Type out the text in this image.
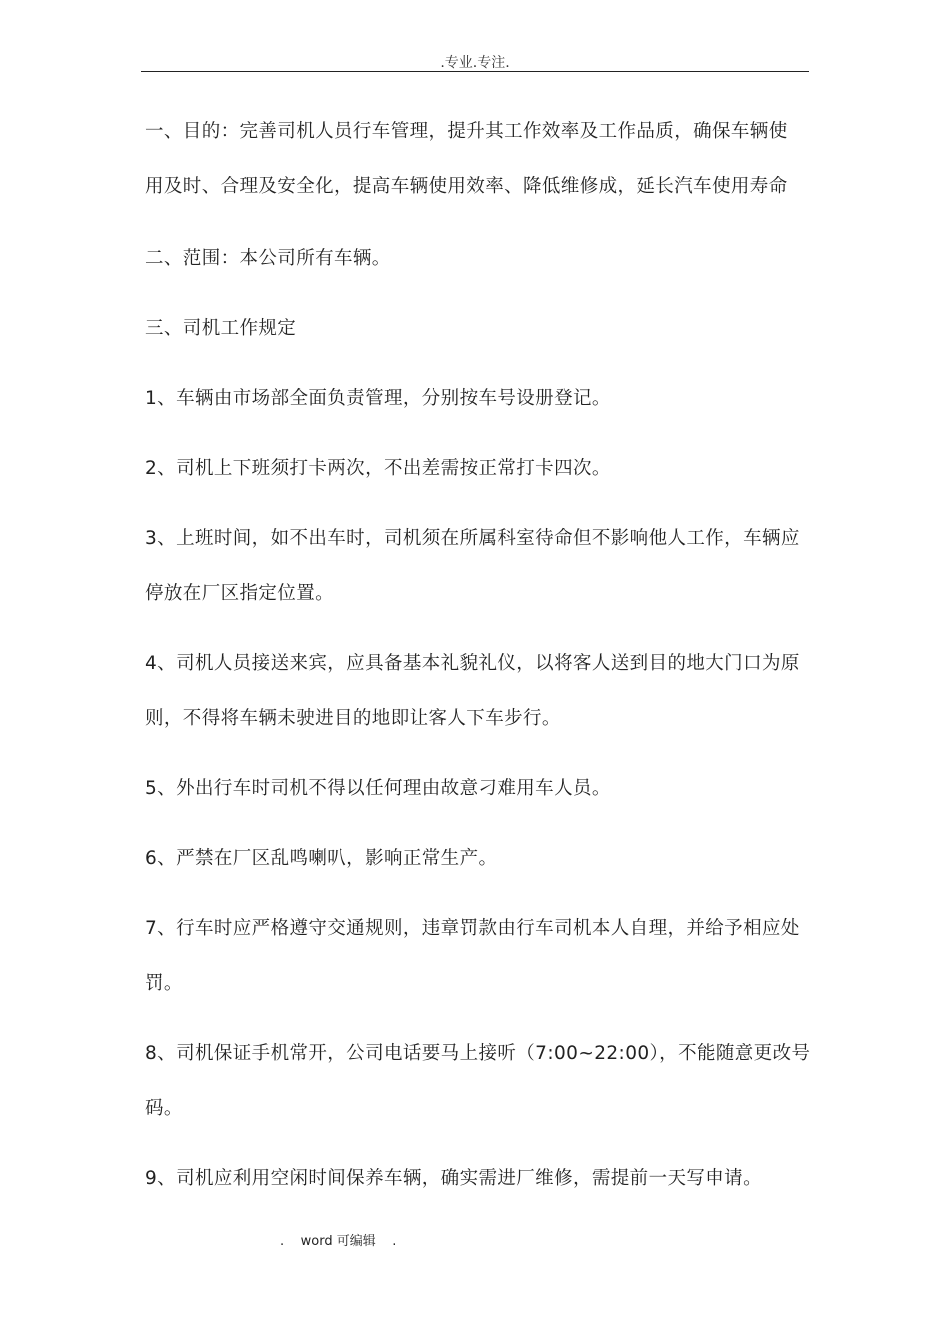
.专业.专注.

一、目的：完善司机人员行车管理，提升其工作效率及工作品质，确保车辆使

用及时、合理及安全化，提高车辆使用效率、降低维修成，延长汽车使用寿命

二、范围：本公司所有车辆。

三、司机工作规定

1、车辆由市场部全面负责管理，分别按车号设册登记。

2、司机上下班须打卡两次，不出差需按正常打卡四次。

3、上班时间，如不出车时，司机须在所属科室待命但不影响他人工作，车辆应

停放在厂区指定位置。

4、司机人员接送来宾，应具备基本礼貌礼仪，以将客人送到目的地大门口为原

则，不得将车辆未驶进目的地即让客人下车步行。

5、外出行车时司机不得以任何理由故意刁难用车人员。

6、严禁在厂区乱鸣喇叭，影响正常生产。

7、行车时应严格遵守交通规则，违章罚款由行车司机本人自理，并给予相应处

罚。

8、司机保证手机常开，公司电话要马上接听（7:00~22:00），不能随意更改号

码。

9、司机应利用空闲时间保养车辆，确实需进厂维修，需提前一天写申请。

.    word 可编辑    .
